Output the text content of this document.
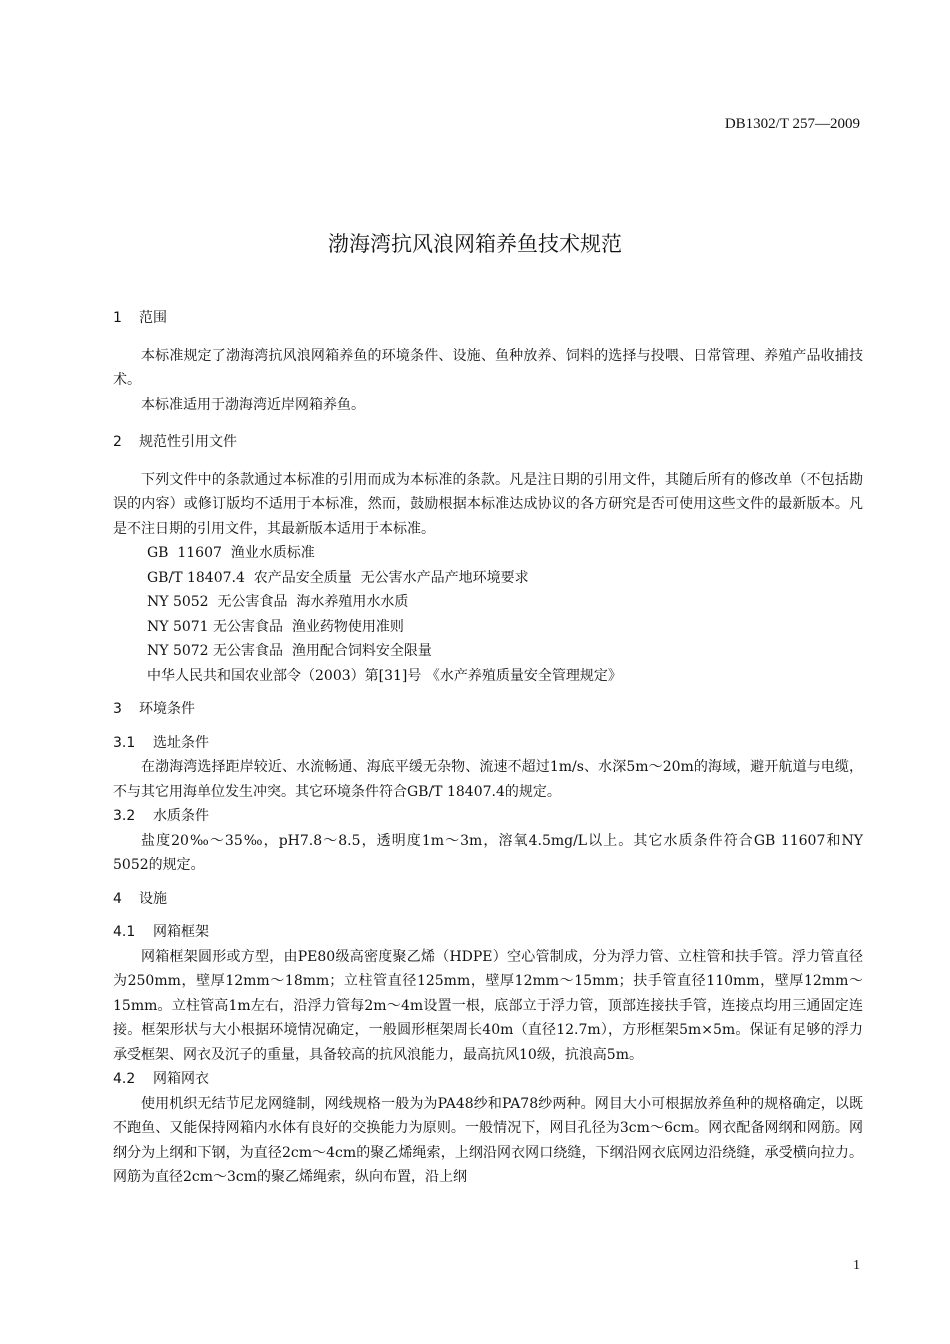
DB1302/T 257—2009
渤海湾抗风浪网箱养鱼技术规范
1	范围
本标准规定了渤海湾抗风浪网箱养鱼的环境条件、设施、鱼种放养、饲料的选择与投喂、日常管理、养殖产品收捕技术。
本标准适用于渤海湾近岸网箱养鱼。
2	规范性引用文件
下列文件中的条款通过本标准的引用而成为本标准的条款。凡是注日期的引用文件，其随后所有的修改单（不包括勘误的内容）或修订版均不适用于本标准，然而，鼓励根据本标准达成协议的各方研究是否可使用这些文件的最新版本。凡是不注日期的引用文件，其最新版本适用于本标准。
GB  11607  渔业水质标准
GB/T 18407.4  农产品安全质量  无公害水产品产地环境要求
NY 5052  无公害食品  海水养殖用水水质
NY 5071 无公害食品  渔业药物使用准则
NY 5072 无公害食品  渔用配合饲料安全限量
中华人民共和国农业部令（2003）第[31]号 《水产养殖质量安全管理规定》
3	环境条件
3.1	选址条件
在渤海湾选择距岸较近、水流畅通、海底平缓无杂物、流速不超过1m/s、水深5m～20m的海域，避开航道与电缆，不与其它用海单位发生冲突。其它环境条件符合GB/T 18407.4的规定。
3.2	水质条件
盐度20‰～35‰，pH7.8～8.5，透明度1m～3m，溶氧4.5mg/L以上。其它水质条件符合GB 11607和NY 5052的规定。
4	设施
4.1	网箱框架
网箱框架圆形或方型，由PE80级高密度聚乙烯（HDPE）空心管制成，分为浮力管、立柱管和扶手管。浮力管直径为250mm，壁厚12mm～18mm；立柱管直径125mm，壁厚12mm～15mm；扶手管直径110mm，壁厚12mm～15mm。立柱管高1m左右，沿浮力管每2m～4m设置一根，底部立于浮力管，顶部连接扶手管，连接点均用三通固定连接。框架形状与大小根据环境情况确定，一般圆形框架周长40m（直径12.7m），方形框架5m×5m。保证有足够的浮力承受框架、网衣及沉子的重量，具备较高的抗风浪能力，最高抗风10级，抗浪高5m。
4.2	网箱网衣
使用机织无结节尼龙网缝制，网线规格一般为为PA48纱和PA78纱两种。网目大小可根据放养鱼种的规格确定，以既不跑鱼、又能保持网箱内水体有良好的交换能力为原则。一般情况下，网目孔径为3cm～6cm。网衣配备网纲和网筋。网纲分为上纲和下钢，为直径2cm～4cm的聚乙烯绳索，上纲沿网衣网口绕缝，下纲沿网衣底网边沿绕缝，承受横向拉力。网筋为直径2cm～3cm的聚乙烯绳索，纵向布置，沿上纲
1
